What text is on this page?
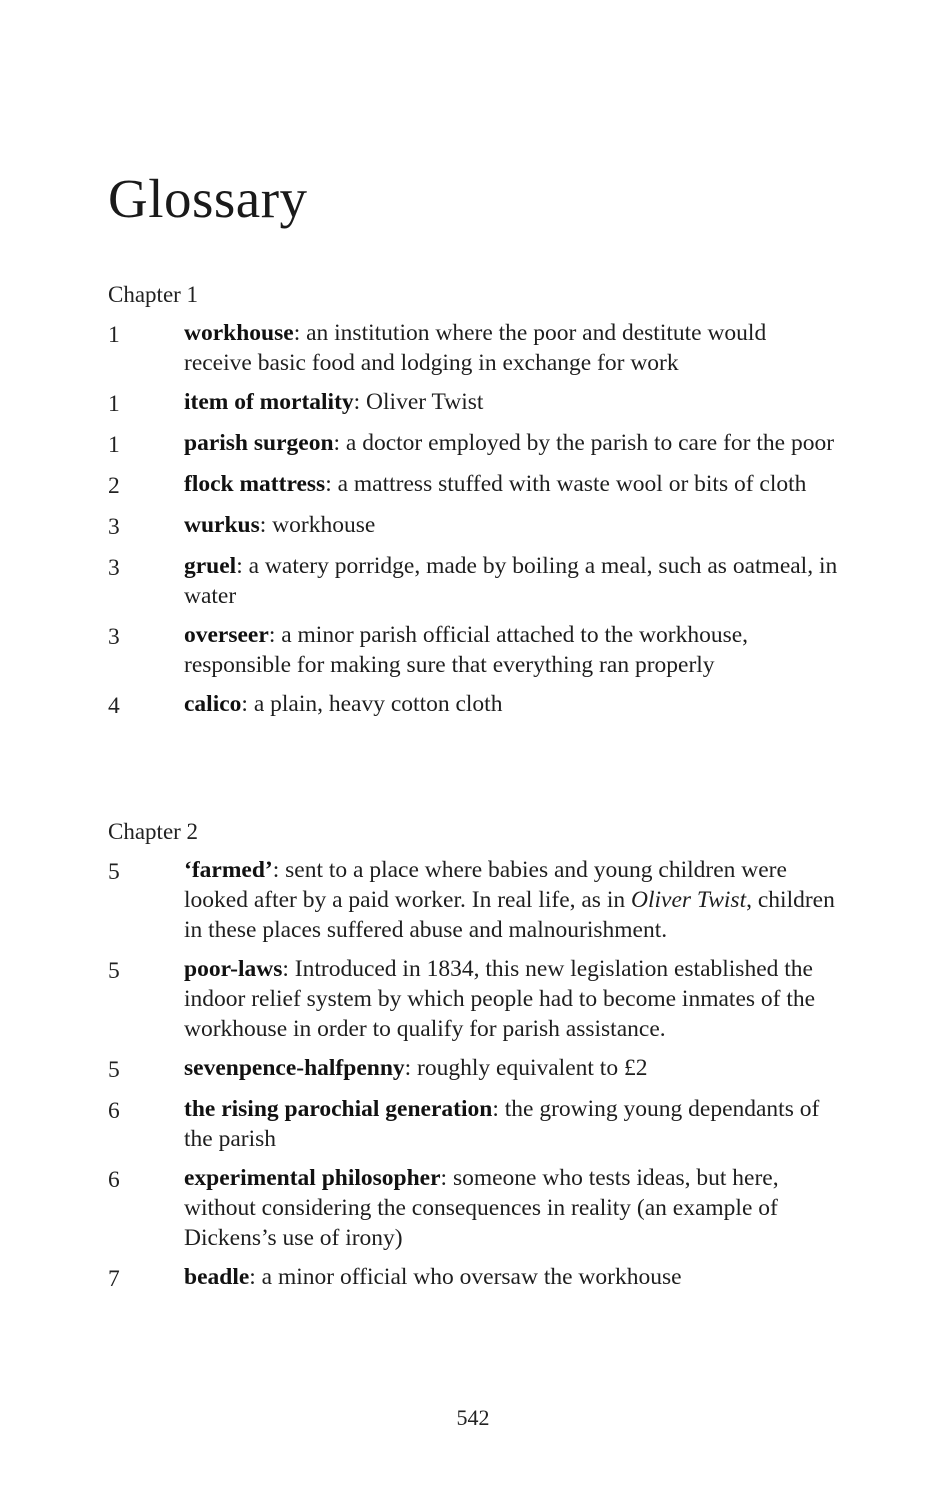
Glossary
Chapter 1
1	workhouse: an institution where the poor and destitute would receive basic food and lodging in exchange for work
1	item of mortality: Oliver Twist
1	parish surgeon: a doctor employed by the parish to care for the poor
2	flock mattress: a mattress stuffed with waste wool or bits of cloth
3	wurkus: workhouse
3	gruel: a watery porridge, made by boiling a meal, such as oatmeal, in water
3	overseer: a minor parish official attached to the workhouse, responsible for making sure that everything ran properly
4	calico: a plain, heavy cotton cloth
Chapter 2
5	‘farmed’: sent to a place where babies and young children were looked after by a paid worker. In real life, as in Oliver Twist, children in these places suffered abuse and malnourishment.
5	poor-laws: Introduced in 1834, this new legislation established the indoor relief system by which people had to become inmates of the workhouse in order to qualify for parish assistance.
5	sevenpence-halfpenny: roughly equivalent to £2
6	the rising parochial generation: the growing young dependants of the parish
6	experimental philosopher: someone who tests ideas, but here, without considering the consequences in reality (an example of Dickens’s use of irony)
7	beadle: a minor official who oversaw the workhouse
542
